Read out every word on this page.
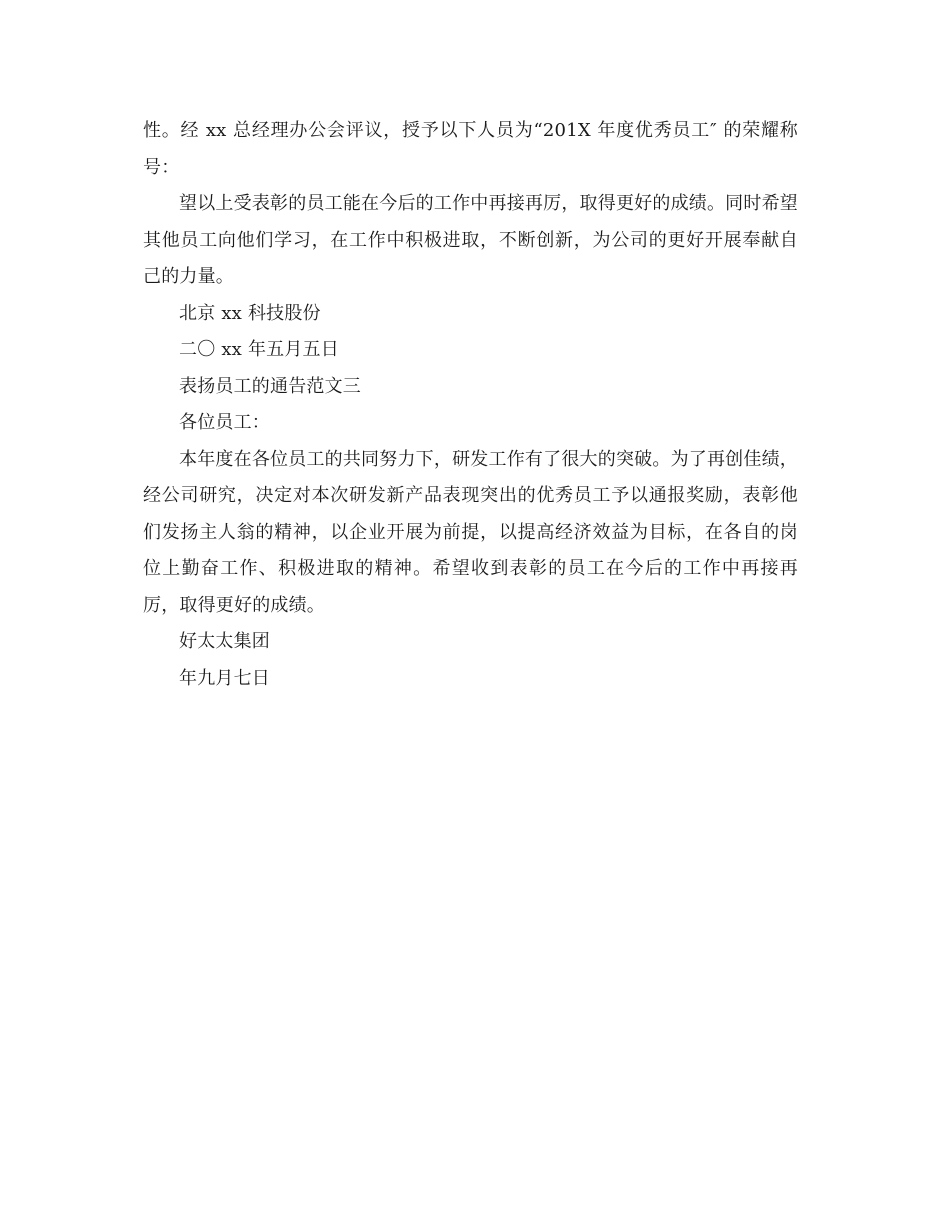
性。经 xx 总经理办公会评议，授予以下人员为“201X 年度优秀员工″ 的荣耀称号：

望以上受表彰的员工能在今后的工作中再接再厉，取得更好的成绩。同时希望其他员工向他们学习，在工作中积极进取，不断创新，为公司的更好开展奉献自己的力量。

北京 xx 科技股份

二〇 xx 年五月五日

表扬员工的通告范文三

各位员工：

本年度在各位员工的共同努力下，研发工作有了很大的突破。为了再创佳绩，经公司研究，决定对本次研发新产品表现突出的优秀员工予以通报奖励，表彰他们发扬主人翁的精神，以企业开展为前提，以提高经济效益为目标，在各自的岗位上勤奋工作、积极进取的精神。希望收到表彰的员工在今后的工作中再接再厉，取得更好的成绩。

好太太集团

年九月七日
